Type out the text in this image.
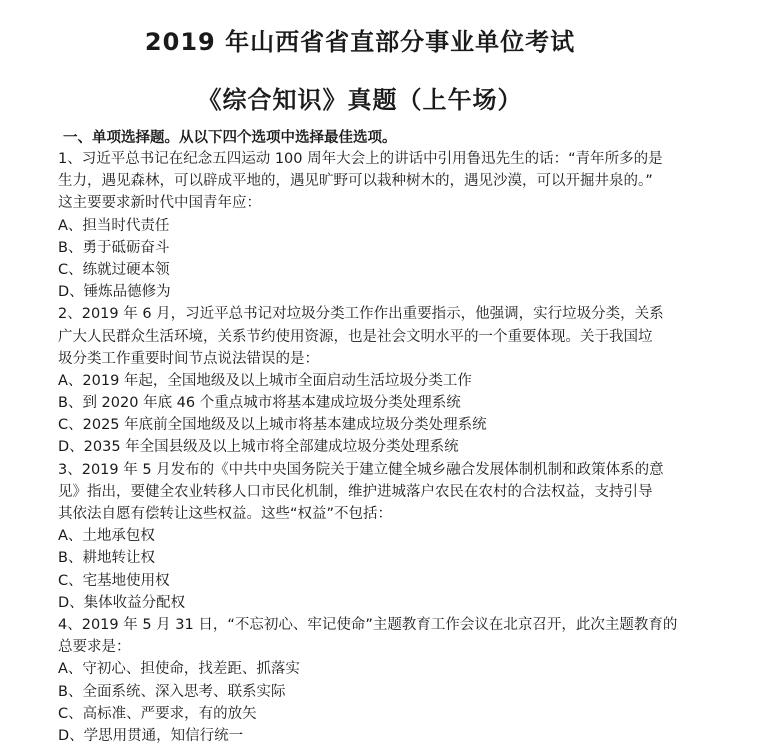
2019 年山西省省直部分事业单位考试
《综合知识》真题（上午场）
一、单项选择题。从以下四个选项中选择最佳选项。
1、习近平总书记在纪念五四运动 100 周年大会上的讲话中引用鲁迅先生的话：“青年所多的是
生力，遇见森林，可以辟成平地的，遇见旷野可以栽种树木的，遇见沙漠，可以开掘井泉的。”
这主要要求新时代中国青年应：
A、担当时代责任
B、勇于砥砺奋斗
C、练就过硬本领
D、锤炼品德修为
2、2019 年 6 月，习近平总书记对垃圾分类工作作出重要指示，他强调，实行垃圾分类，关系
广大人民群众生活环境，关系节约使用资源，也是社会文明水平的一个重要体现。关于我国垃
圾分类工作重要时间节点说法错误的是：
A、2019 年起，全国地级及以上城市全面启动生活垃圾分类工作
B、到 2020 年底 46 个重点城市将基本建成垃圾分类处理系统
C、2025 年底前全国地级及以上城市将基本建成垃圾分类处理系统
D、2035 年全国县级及以上城市将全部建成垃圾分类处理系统
3、2019 年 5 月发布的《中共中央国务院关于建立健全城乡融合发展体制机制和政策体系的意
见》指出，要健全农业转移人口市民化机制，维护进城落户农民在农村的合法权益，支持引导
其依法自愿有偿转让这些权益。这些“权益”不包括：
A、土地承包权
B、耕地转让权
C、宅基地使用权
D、集体收益分配权
4、2019 年 5 月 31 日，“不忘初心、牢记使命”主题教育工作会议在北京召开，此次主题教育的
总要求是：
A、守初心、担使命，找差距、抓落实
B、全面系统、深入思考、联系实际
C、高标准、严要求，有的放矢
D、学思用贯通，知信行统一
